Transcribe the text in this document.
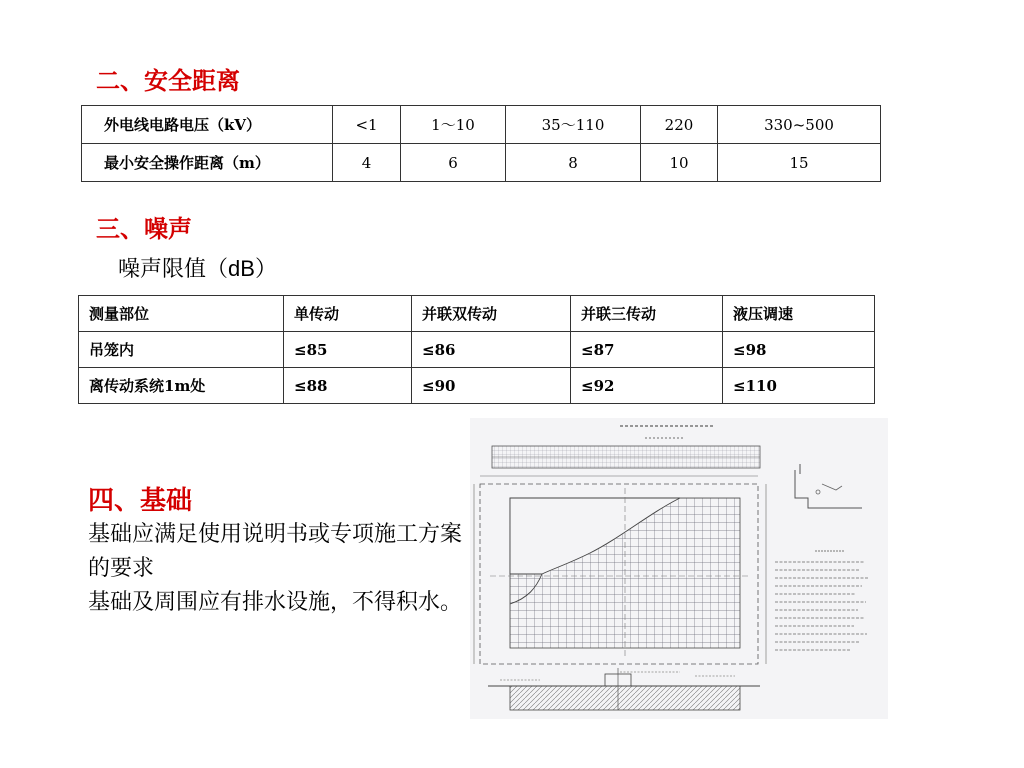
二、安全距离
外电线电路电压（kV）	<1	1～10	35～110	220	330~500
最小安全操作距离（m）	4	6	8	10	15
三、噪声
噪声限值（dB）
测量部位	单传动	并联双传动	并联三传动	液压调速
吊笼内	≤85	≤86	≤87	≤98
离传动系统1m处	≤88	≤90	≤92	≤110
四、基础

基础应满足使用说明书或专项施工方案的要求

基础及周围应有排水设施，不得积水。
